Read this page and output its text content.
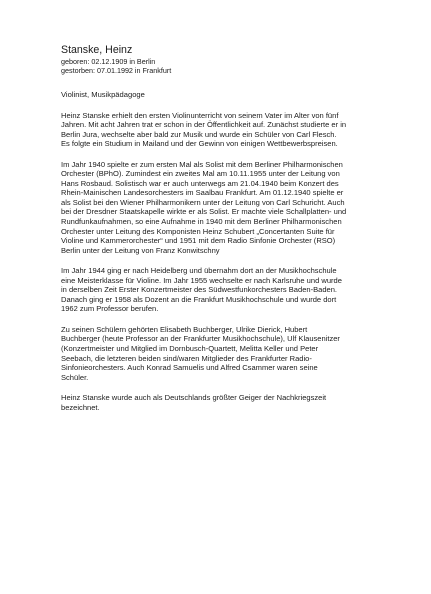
Stanske, Heinz
geboren: 02.12.1909 in Berlin
gestorben: 07.01.1992 in Frankfurt

Violinist, Musikpädagoge

Heinz Stanske erhielt den ersten Violinunterricht von seinem Vater im Alter von fünf
Jahren. Mit acht Jahren trat er schon in der Öffentlichkeit auf. Zunächst studierte er in
Berlin Jura, wechselte aber bald zur Musik und wurde ein Schüler von Carl Flesch.
Es folgte ein Studium in Mailand und der Gewinn von einigen Wettbewerbspreisen.

Im Jahr 1940 spielte er zum ersten Mal als Solist mit dem Berliner Philharmonischen
Orchester (BPhO). Zumindest ein zweites Mal am 10.11.1955 unter der Leitung von
Hans Rosbaud. Solistisch war er auch unterwegs am 21.04.1940 beim Konzert des
Rhein-Mainischen Landesorchesters im Saalbau Frankfurt. Am 01.12.1940 spielte er
als Solist bei den Wiener Philharmonikern unter der Leitung von Carl Schuricht. Auch
bei der Dresdner Staatskapelle wirkte er als Solist. Er machte viele Schallplatten- und
Rundfunkaufnahmen, so eine Aufnahme in 1940 mit dem Berliner Philharmonischen
Orchester unter Leitung des Komponisten Heinz Schubert „Concertanten Suite für
Violine und Kammerorchester“ und 1951 mit dem Radio Sinfonie Orchester (RSO)
Berlin unter der Leitung von Franz Konwitschny

Im Jahr 1944 ging er nach Heidelberg und übernahm dort an der Musikhochschule
eine Meisterklasse für Violine. Im Jahr 1955 wechselte er nach Karlsruhe und wurde
in derselben Zeit Erster Konzertmeister des Südwestfunkorchesters Baden-Baden.
Danach ging er 1958 als Dozent an die Frankfurt Musikhochschule und wurde dort
1962 zum Professor berufen.

Zu seinen Schülern gehörten Elisabeth Buchberger, Ulrike Dierick, Hubert
Buchberger (heute Professor an der Frankfurter Musikhochschule), Ulf Klausenitzer
(Konzertmeister und Mitglied im Dornbusch-Quartett, Melitta Keller und Peter
Seebach, die letzteren beiden sind/waren Mitglieder des Frankfurter Radio-
Sinfonieorchesters. Auch Konrad Samuelis und Alfred Csammer waren seine
Schüler.

Heinz Stanske wurde auch als Deutschlands größter Geiger der Nachkriegszeit
bezeichnet.
